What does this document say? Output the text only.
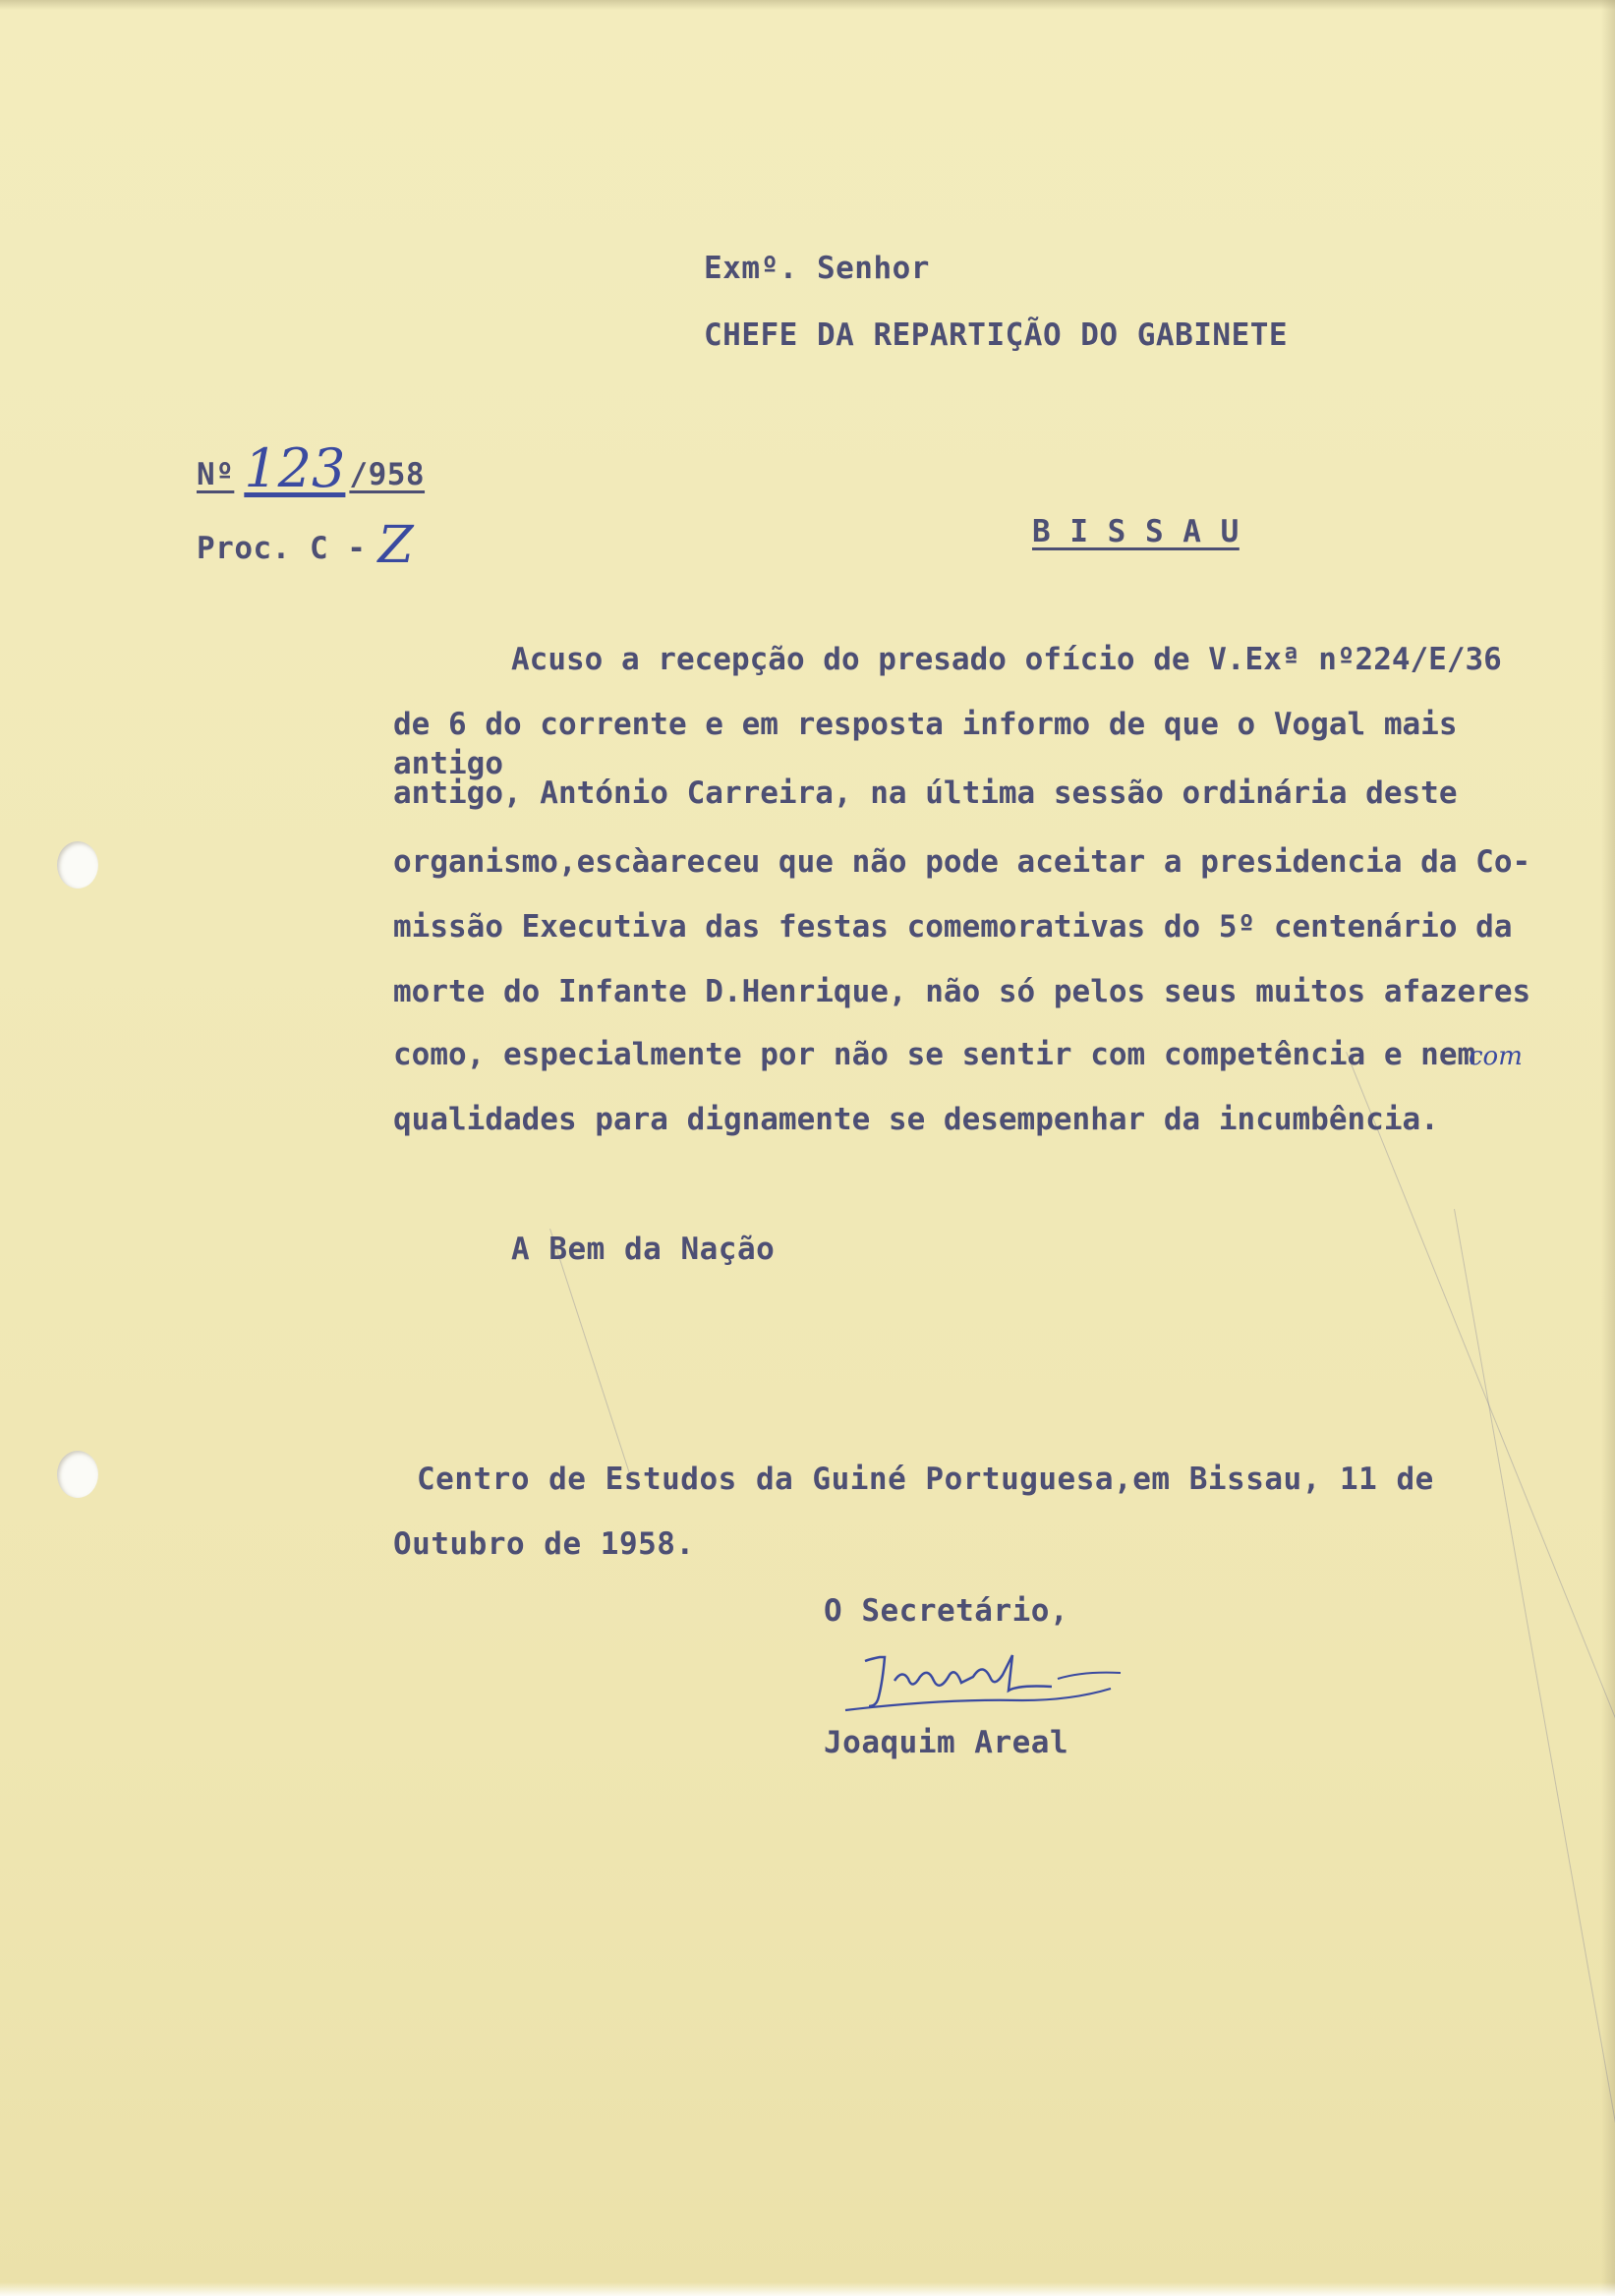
Exmº. Senhor

CHEFE DA REPARTIÇÃO DO GABINETE

Nº 123 /958
Proc. C - Z	B I S S A U

Acuso a recepção do presado ofício de V.Exª nº224/E/36

de 6 do corrente e em resposta informo de que o Vogal mais

antigo

antigo, António Carreira, na última sessão ordinária deste

organismo,escàareceu que não pode aceitar a presidencia da Co-

missão Executiva das festas comemorativas do 5º centenário da

morte do Infante D.Henrique, não só pelos seus muitos afazeres

como, especialmente por não se sentir com competência e nem

com

qualidades para dignamente se desempenhar da incumbência.

A Bem da Nação

Centro de Estudos da Guiné Portuguesa,em Bissau, 11 de

Outubro de 1958.

O Secretário,

Joaquim Areal
